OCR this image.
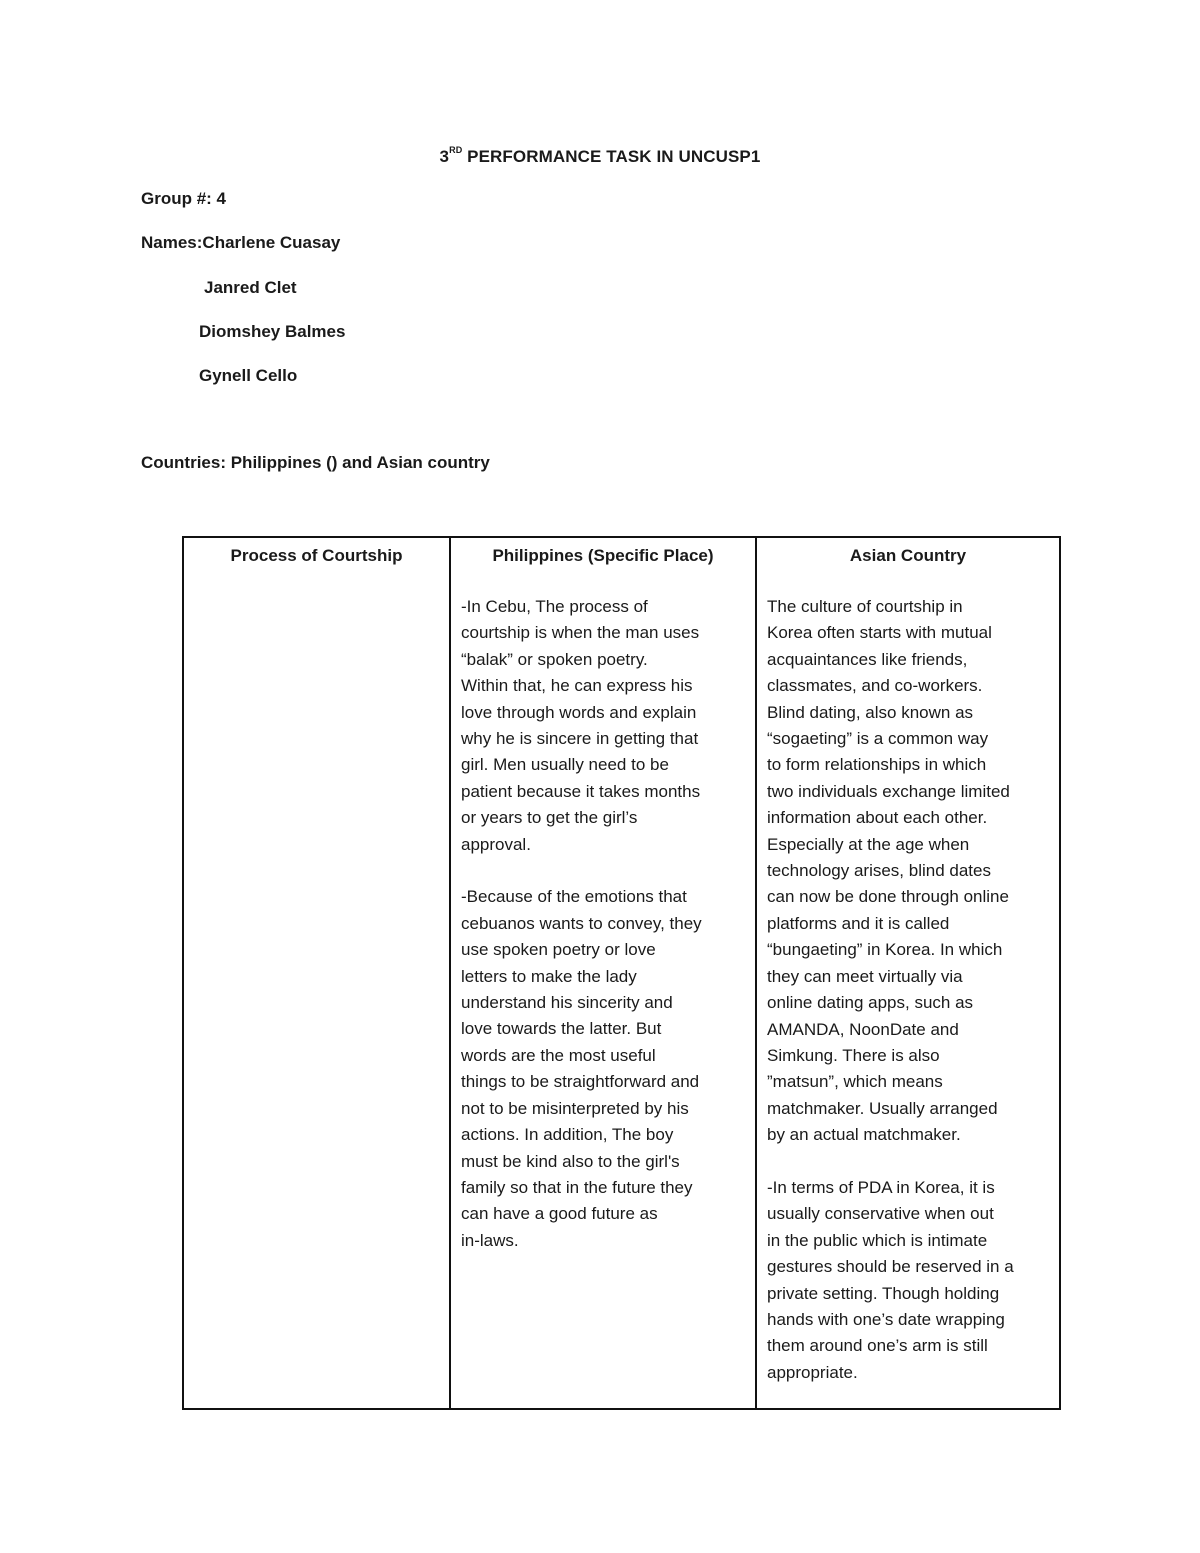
3RD PERFORMANCE TASK IN UNCUSP1
Group #: 4
Names:Charlene Cuasay
Janred Clet
Diomshey Balmes
Gynell Cello
Countries: Philippines () and Asian country
Process of Courtship	Philippines (Specific Place)

-In Cebu, The process of
courtship is when the man uses
“balak” or spoken poetry.
Within that, he can express his
love through words and explain
why he is sincere in getting that
girl. Men usually need to be
patient because it takes months
or years to get the girl’s
approval.

-Because of the emotions that
cebuanos wants to convey, they
use spoken poetry or love
letters to make the lady
understand his sincerity and
love towards the latter. But
words are the most useful
things to be straightforward and
not to be misinterpreted by his
actions. In addition, The boy
must be kind also to the girl's
family so that in the future they
can have a good future as
in-laws.

Asian Country

The culture of courtship in
Korea often starts with mutual
acquaintances like friends,
classmates, and co-workers.
Blind dating, also known as
“sogaeting” is a common way
to form relationships in which
two individuals exchange limited
information about each other.
Especially at the age when
technology arises, blind dates
can now be done through online
platforms and it is called
“bungaeting” in Korea. In which
they can meet virtually via
online dating apps, such as
AMANDA, NoonDate and
Simkung. There is also
”matsun”, which means
matchmaker. Usually arranged
by an actual matchmaker.

-In terms of PDA in Korea, it is
usually conservative when out
in the public which is intimate
gestures should be reserved in a
private setting. Though holding
hands with one’s date wrapping
them around one’s arm is still
appropriate.
